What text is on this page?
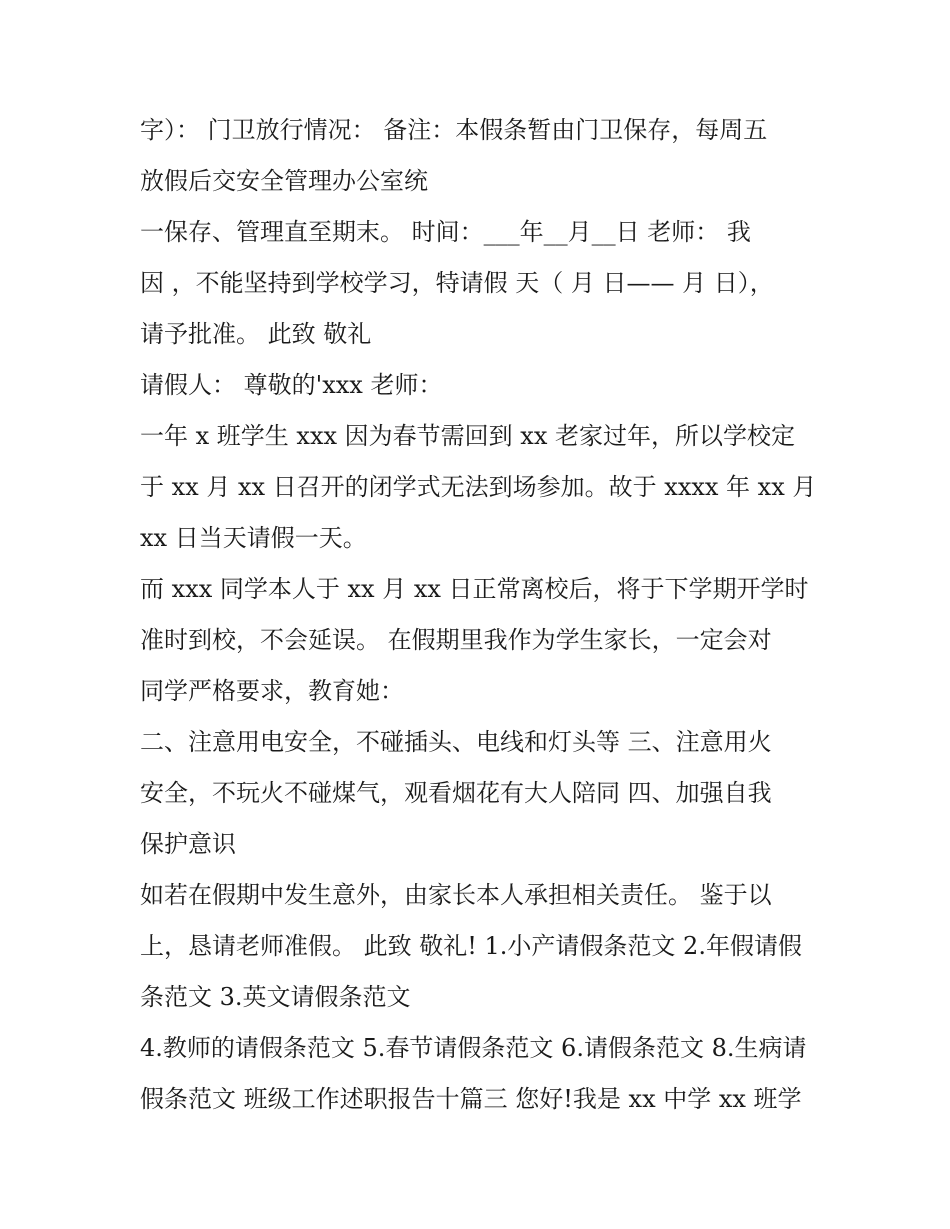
字）： 门卫放行情况： 备注：本假条暂由门卫保存，每周五

放假后交安全管理办公室统

一保存、管理直至期末。 时间：___年__月__日 老师： 我

因 ，不能坚持到学校学习，特请假 天（ 月 日—— 月 日），

请予批准。 此致 敬礼

请假人： 尊敬的'xxx 老师：

一年 x 班学生 xxx 因为春节需回到 xx 老家过年，所以学校定

于 xx 月 xx 日召开的闭学式无法到场参加。故于 xxxx 年 xx 月

xx 日当天请假一天。

而 xxx 同学本人于 xx 月 xx 日正常离校后，将于下学期开学时

准时到校，不会延误。 在假期里我作为学生家长，一定会对

同学严格要求，教育她：

二、注意用电安全，不碰插头、电线和灯头等 三、注意用火

安全，不玩火不碰煤气，观看烟花有大人陪同 四、加强自我

保护意识

如若在假期中发生意外，由家长本人承担相关责任。 鉴于以

上，恳请老师准假。 此致 敬礼! 1.小产请假条范文 2.年假请假

条范文 3.英文请假条范文

4.教师的请假条范文 5.春节请假条范文 6.请假条范文 8.生病请

假条范文 班级工作述职报告十篇三 您好!我是 xx 中学 xx 班学
